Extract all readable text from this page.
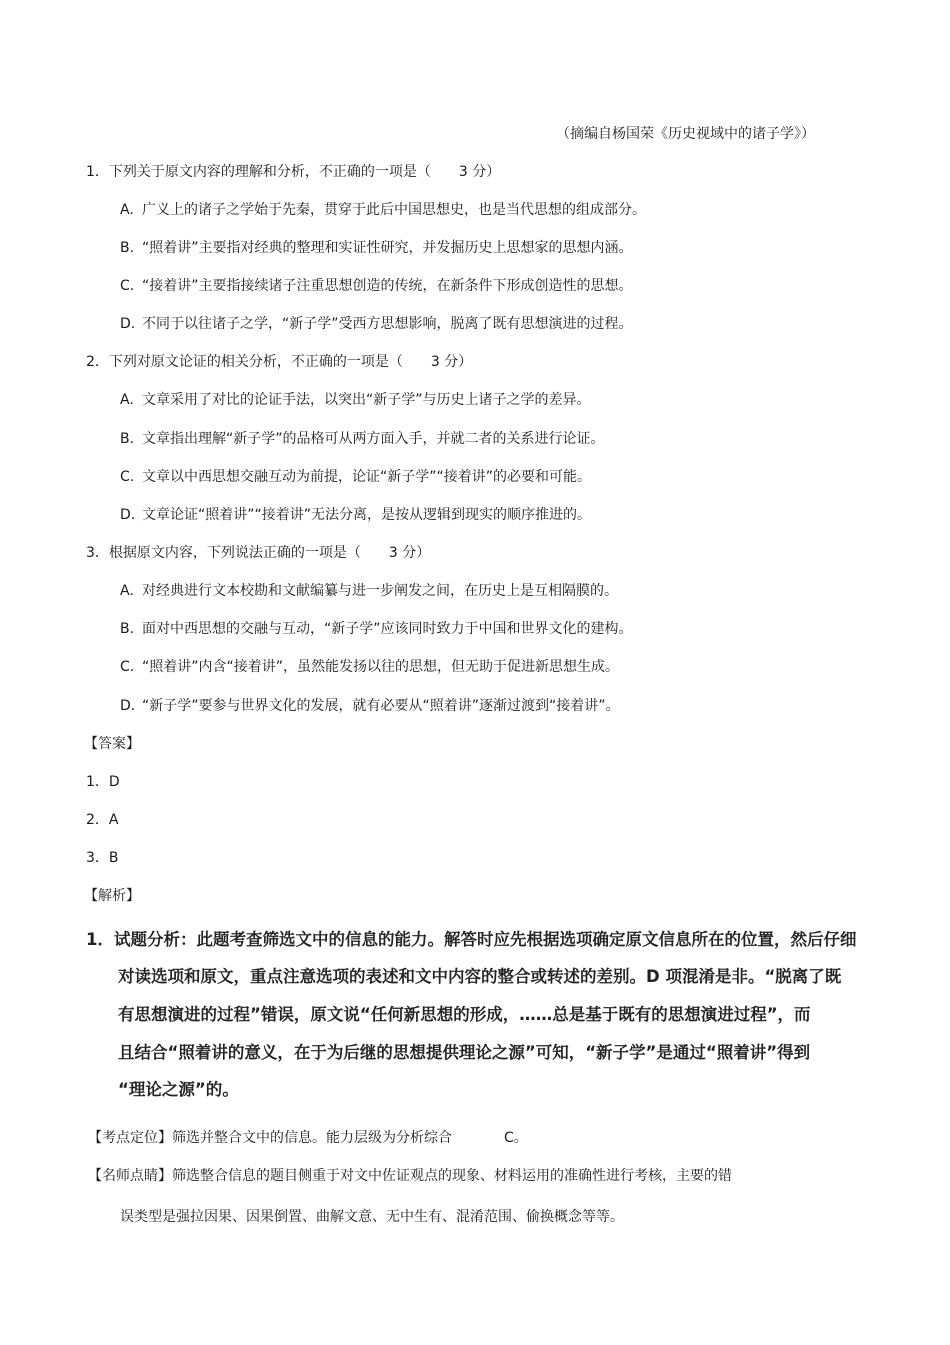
（摘编自杨国荣《历史视域中的诸子学》）
1．下列关于原文内容的理解和分析，不正确的一项是（ 3 分）
A. 广义上的诸子之学始于先秦，贯穿于此后中国思想史，也是当代思想的组成部分。
B. “照着讲”主要指对经典的整理和实证性研究，并发掘历史上思想家的思想内涵。
C. “接着讲”主要指接续诸子注重思想创造的传统，在新条件下形成创造性的思想。
D. 不同于以往诸子之学，“新子学”受西方思想影响，脱离了既有思想演进的过程。
2．下列对原文论证的相关分析，不正确的一项是（ 3 分）
A. 文章采用了对比的论证手法，以突出“新子学”与历史上诸子之学的差异。
B. 文章指出理解“新子学”的品格可从两方面入手，并就二者的关系进行论证。
C. 文章以中西思想交融互动为前提，论证“新子学”“接着讲”的必要和可能。
D. 文章论证“照着讲”“接着讲”无法分离，是按从逻辑到现实的顺序推进的。
3．根据原文内容，下列说法正确的一项是（ 3 分）
A. 对经典进行文本校勘和文献编纂与进一步阐发之间，在历史上是互相隔膜的。
B. 面对中西思想的交融与互动，“新子学”应该同时致力于中国和世界文化的建构。
C. “照着讲”内含“接着讲”，虽然能发扬以往的思想，但无助于促进新思想生成。
D. “新子学”要参与世界文化的发展，就有必要从“照着讲”逐渐过渡到“接着讲”。
【答案】
1．D
2．A
3．B
【解析】
1．试题分析：此题考查筛选文中的信息的能力。解答时应先根据选项确定原文信息所在的位置，然后仔细
对读选项和原文，重点注意选项的表述和文中内容的整合或转述的差别。D 项混淆是非。“脱离了既
有思想演进的过程”错误，原文说“任何新思想的形成，……总是基于既有的思想演进过程”，而
且结合“照着讲的意义，在于为后继的思想提供理论之源”可知，“新子学”是通过“照着讲”得到
“理论之源”的。
【考点定位】筛选并整合文中的信息。能力层级为分析综合	C。
【名师点睛】筛选整合信息的题目侧重于对文中佐证观点的现象、材料运用的准确性进行考核，主要的错
误类型是强拉因果、因果倒置、曲解文意、无中生有、混淆范围、偷换概念等等。
